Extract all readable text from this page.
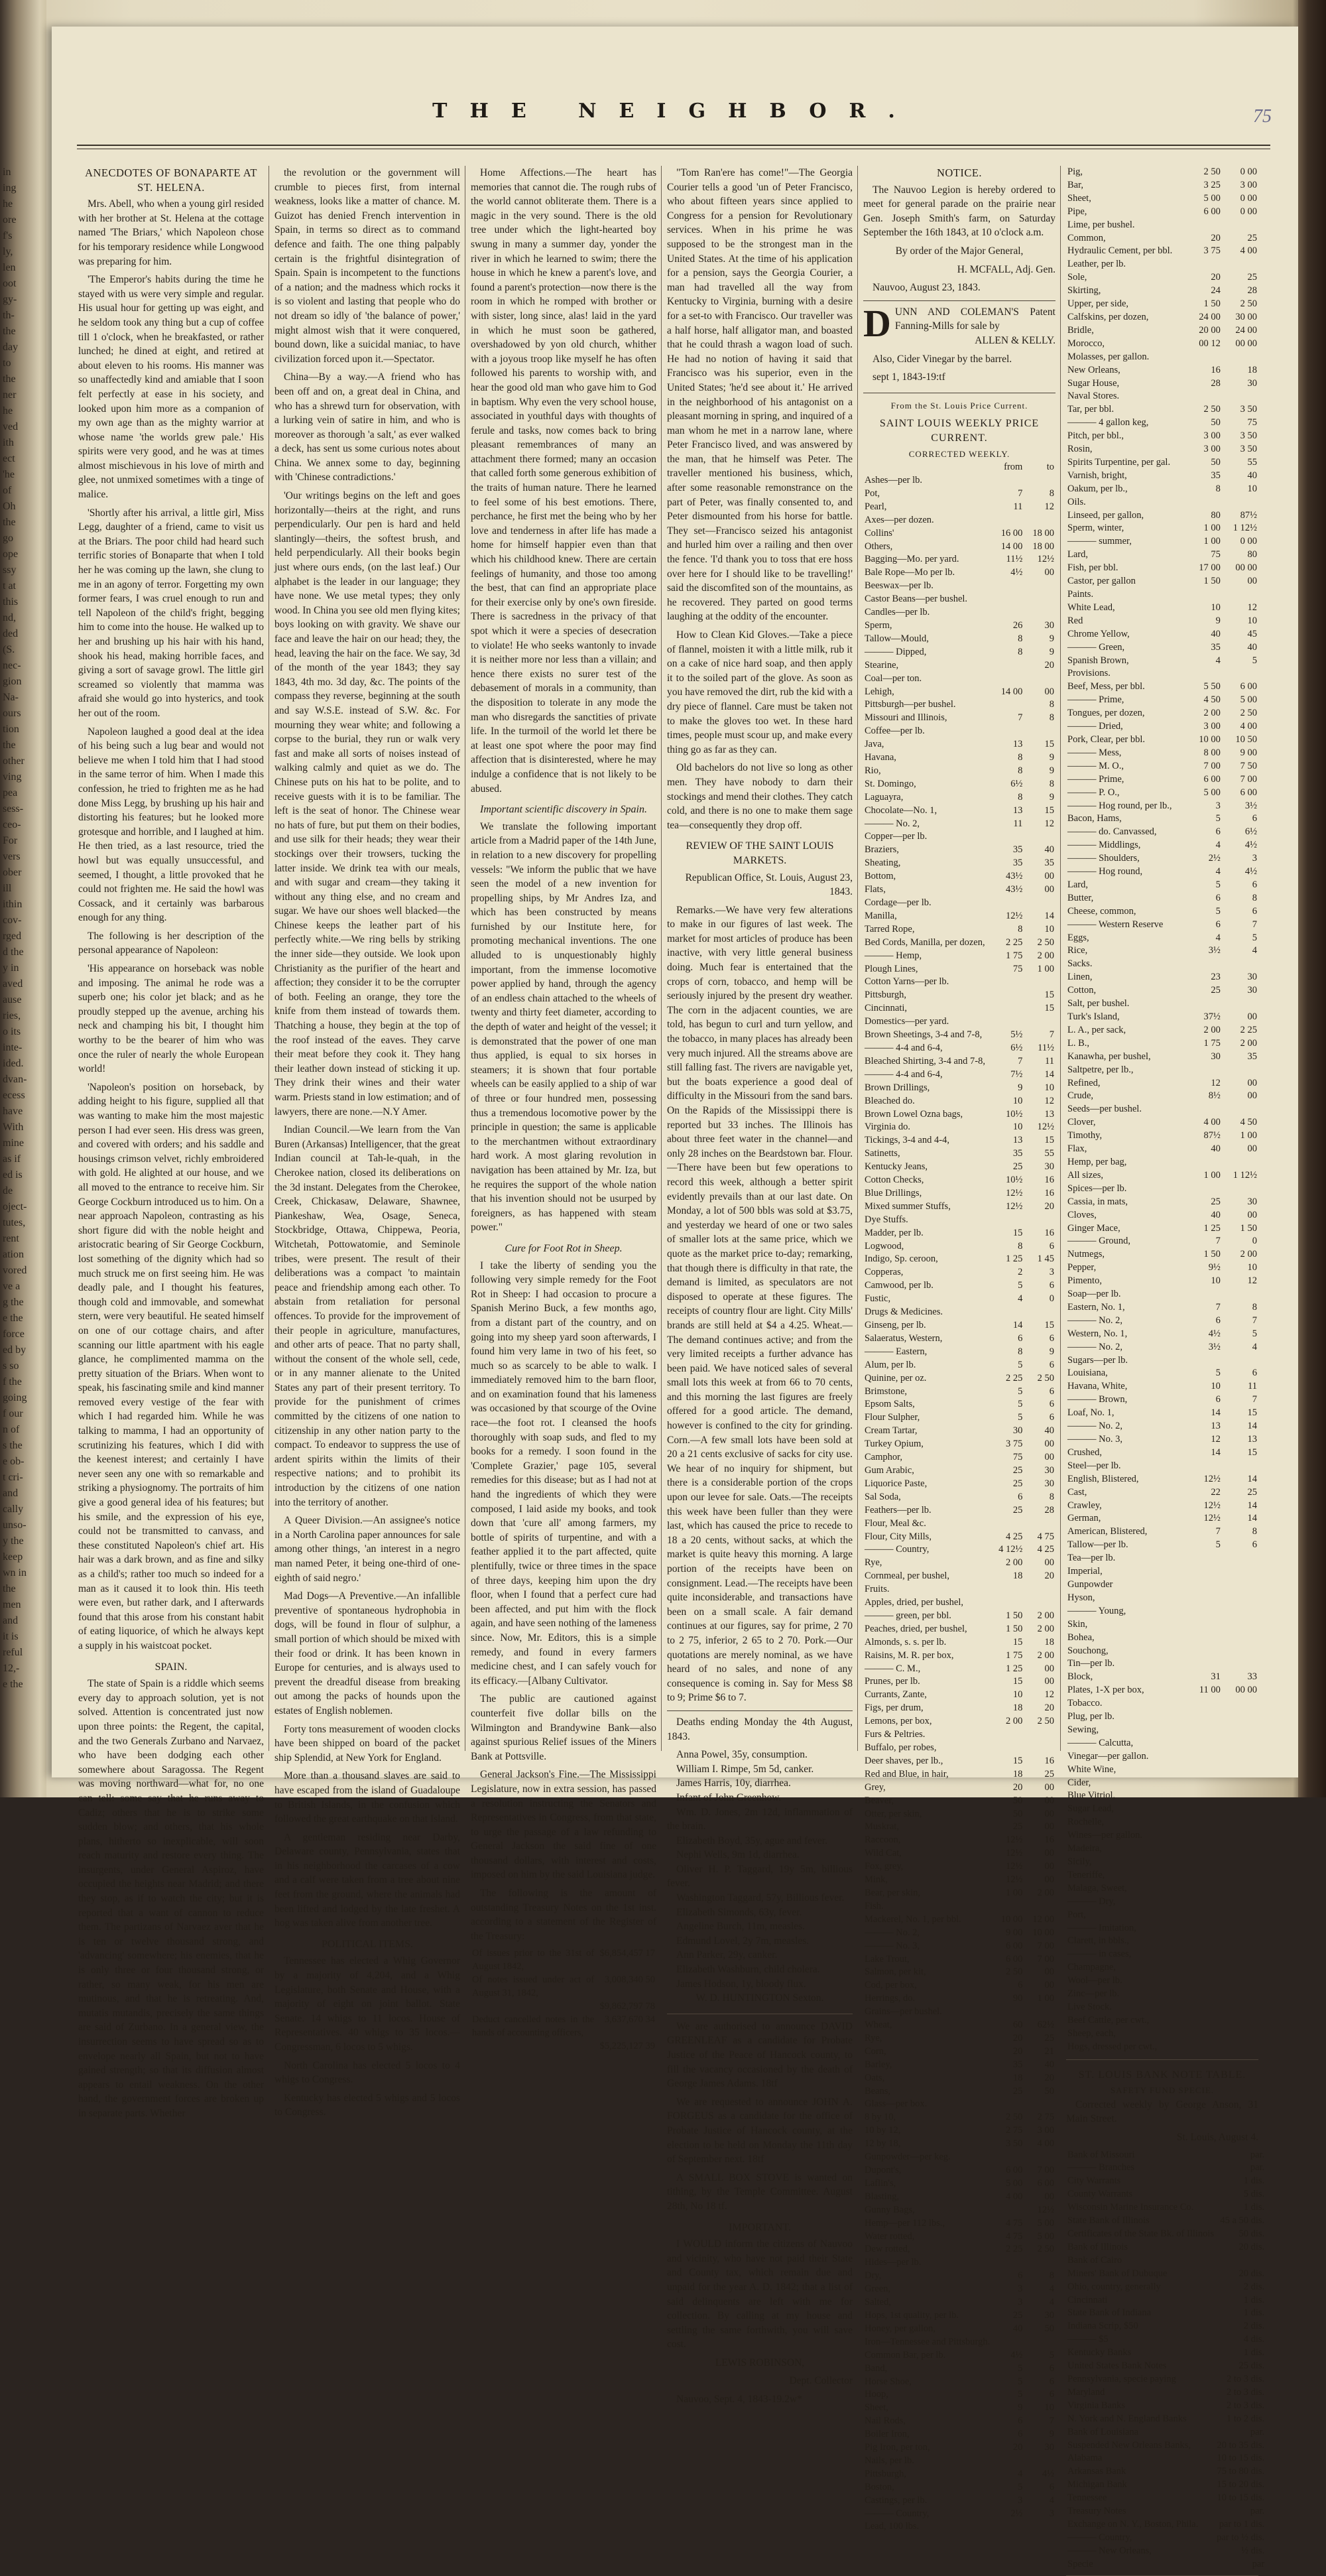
in
ing
he
ore
f's
ly,
len
oot
gy-
th-
the
day
to
the
ner
he
ved
ith
ect
'he
of
Oh
the
go
ope
ssy
t at
this
nd,
ded
(S.
nec-
gion
Na-
ours
tion
the
other
ving
pea
sess-
ceo-
For
vers
ober
ill
ithin
cov-
rged
d the
y in
aved
ause
ries,
o its
inte-
ided.
dvan-
ecess
have
With
mine
as if
ed is
de
oject-
tutes,
rent
ation
vored
ve a
g the
e the
force
ed by
s so
f the
going
f our
n of
s the
e ob-
t cri-
and
cally
unso-
y the
keep
wn in
the
men
and
it is
reful
12,-
e the
THE NEIGHBOR.	75
ANECDOTES OF BONAPARTE AT ST. HELENA.

Mrs. Abell, who when a young girl resided with her brother at St. Helena at the cottage named 'The Briars,' which Napoleon chose for his temporary residence while Longwood was preparing for him.

'The Emperor's habits during the time he stayed with us were very simple and regular. His usual hour for getting up was eight, and he seldom took any thing but a cup of coffee till 1 o'clock, when he breakfasted, or rather lunched; he dined at eight, and retired at about eleven to his rooms. His manner was so unaffectedly kind and amiable that I soon felt perfectly at ease in his society, and looked upon him more as a companion of my own age than as the mighty warrior at whose name 'the worlds grew pale.' His spirits were very good, and he was at times almost mischievous in his love of mirth and glee, not unmixed sometimes with a tinge of malice.

'Shortly after his arrival, a little girl, Miss Legg, daughter of a friend, came to visit us at the Briars. The poor child had heard such terrific stories of Bonaparte that when I told her he was coming up the lawn, she clung to me in an agony of terror. Forgetting my own former fears, I was cruel enough to run and tell Napoleon of the child's fright, begging him to come into the house. He walked up to her and brushing up his hair with his hand, shook his head, making horrible faces, and giving a sort of savage growl. The little girl screamed so violently that mamma was afraid she would go into hysterics, and took her out of the room.

Napoleon laughed a good deal at the idea of his being such a lug bear and would not believe me when I told him that I had stood in the same terror of him. When I made this confession, he tried to frighten me as he had done Miss Legg, by brushing up his hair and distorting his features; but he looked more grotesque and horrible, and I laughed at him. He then tried, as a last resource, tried the howl but was equally unsuccessful, and seemed, I thought, a little provoked that he could not frighten me. He said the howl was Cossack, and it certainly was barbarous enough for any thing.

The following is her description of the personal appearance of Napoleon:

'His appearance on horseback was noble and imposing. The animal he rode was a superb one; his color jet black; and as he proudly stepped up the avenue, arching his neck and champing his bit, I thought him worthy to be the bearer of him who was once the ruler of nearly the whole European world!

'Napoleon's position on horseback, by adding height to his figure, supplied all that was wanting to make him the most majestic person I had ever seen. His dress was green, and covered with orders; and his saddle and housings crimson velvet, richly embroidered with gold. He alighted at our house, and we all moved to the entrance to receive him. Sir George Cockburn introduced us to him. On a near approach Napoleon, contrasting as his short figure did with the noble height and aristocratic bearing of Sir George Cockburn, lost something of the dignity which had so much struck me on first seeing him. He was deadly pale, and I thought his features, though cold and immovable, and somewhat stern, were very beautiful. He seated himself on one of our cottage chairs, and after scanning our little apartment with his eagle glance, he complimented mamma on the pretty situation of the Briars. When wont to speak, his fascinating smile and kind manner removed every vestige of the fear with which I had regarded him. While he was talking to mamma, I had an opportunity of scrutinizing his features, which I did with the keenest interest; and certainly I have never seen any one with so remarkable and striking a physiognomy. The portraits of him give a good general idea of his features; but his smile, and the expression of his eye, could not be transmitted to canvass, and these constituted Napoleon's chief art. His hair was a dark brown, and as fine and silky as a child's; rather too much so indeed for a man as it caused it to look thin. His teeth were even, but rather dark, and I afterwards found that this arose from his constant habit of eating liquorice, of which he always kept a supply in his waistcoat pocket.

SPAIN.

The state of Spain is a riddle which seems every day to approach solution, yet is not solved. Attention is concentrated just now upon three points: the Regent, the capital, and the two Generals Zurbano and Narvaez, who have been dodging each other somewhere about Saragossa. The Regent was moving northward—what for, no one can tell: some say that he runs away to Cadiz; others that he is to strike some sudden blow; and others, that his whole plans, hitherto so inexplicable, will soon reach maturity and restore every thing. The insurgents, under General Aspiroz, have occupied the heights near Madrid; and there they stop, as if to watch the city; but it is reported that a want of cannon to reduce them. The partizans of Narvaez aver that he is ten or twelve thousand strong, and 'advancing' somewhere; his enemies, that he is only three or four thousand strong, or rather, so many weak, for his men are mutinous, and that he is retreating. And, mutatis mutandis, precisely the same things are said of Zurbano. In a general view, the insurrection seems to have spread so as to envelope nearly all Spain, but not to have gained strength; so that its diffusion almost appears to entail weakness. On the other hand, the government forces are broken up in separate parts. Whether

the revolution or the government will crumble to pieces first, from internal weakness, looks like a matter of chance. M. Guizot has denied French intervention in Spain, in terms so direct as to command defence and faith. The one thing palpably certain is the frightful disintegration of Spain. Spain is incompetent to the functions of a nation; and the madness which rocks it is so violent and lasting that people who do not dream so idly of 'the balance of power,' might almost wish that it were conquered, bound down, like a suicidal maniac, to have civilization forced upon it.—Spectator.

China—By a way.—A friend who has been off and on, a great deal in China, and who has a shrewd turn for observation, with a lurking vein of satire in him, and who is moreover as thorough 'a salt,' as ever walked a deck, has sent us some curious notes about China. We annex some to day, beginning with 'Chinese contradictions.'

'Our writings begins on the left and goes horizontally—theirs at the right, and runs perpendicularly. Our pen is hard and held slantingly—theirs, the softest brush, and held perpendicularly. All their books begin just where ours ends, (on the last leaf.) Our alphabet is the leader in our language; they have none. We use metal types; they only wood. In China you see old men flying kites; boys looking on with gravity. We shave our face and leave the hair on our head; they, the head, leaving the hair on the face. We say, 3d of the month of the year 1843; they say 1843, 4th mo. 3d day, &c. The points of the compass they reverse, beginning at the south and say W.S.E. instead of S.W. &c. For mourning they wear white; and following a corpse to the burial, they run or walk very fast and make all sorts of noises instead of walking calmly and quiet as we do. The Chinese puts on his hat to be polite, and to receive guests with it is to be familiar. The left is the seat of honor. The Chinese wear no hats of fure, but put them on their bodies, and use silk for their heads; they wear their stockings over their trowsers, tucking the latter inside. We drink tea with our meals, and with sugar and cream—they taking it without any thing else, and no cream and sugar. We have our shoes well blacked—the Chinese keeps the leather part of his perfectly white.—We ring bells by striking the inner side—they outside. We look upon Christianity as the purifier of the heart and affection; they consider it to be the corrupter of both. Feeling an orange, they tore the knife from them instead of towards them. Thatching a house, they begin at the top of the roof instead of the eaves. They carve their meat before they cook it. They hang their leather down instead of sticking it up. They drink their wines and their water warm. Priests stand in low estimation; and of lawyers, there are none.—N.Y Amer.

Indian Council.—We learn from the Van Buren (Arkansas) Intelligencer, that the great Indian council at Tah-le-quah, in the Cherokee nation, closed its deliberations on the 3d instant. Delegates from the Cherokee, Creek, Chickasaw, Delaware, Shawnee, Piankeshaw, Wea, Osage, Seneca, Stockbridge, Ottawa, Chippewa, Peoria, Witchetah, Pottowatomie, and Seminole tribes, were present. The result of their deliberations was a compact 'to maintain peace and friendship among each other. To abstain from retaliation for personal offences. To provide for the improvement of their people in agriculture, manufactures, and other arts of peace. That no party shall, without the consent of the whole sell, cede, or in any manner alienate to the United States any part of their present territory. To provide for the punishment of crimes committed by the citizens of one nation to citizenship in any other nation party to the compact. To endeavor to suppress the use of ardent spirits within the limits of their respective nations; and to prohibit its introduction by the citizens of one nation into the territory of another.

A Queer Division.—An assignee's notice in a North Carolina paper announces for sale among other things, 'an interest in a negro man named Peter, it being one-third of one-eighth of said negro.'

Mad Dogs—A Preventive.—An infallible preventive of spontaneous hydrophobia in dogs, will be found in flour of sulphur, a small portion of which should be mixed with their food or drink. It has been known in Europe for centuries, and is always used to prevent the dreadful disease from breaking out among the packs of hounds upon the estates of English noblemen.

Forty tons measurement of wooden clocks have been shipped on board of the packet ship Splendid, at New York for England.

More than a thousand slaves are said to have escaped from the island of Guadaloupe to British Islands, in the confusion which followed the great earthquake on that Island.

A gentleman residing near Darby, Delaware county, Pennsylvania, states that in his neighborhood the carcases of a cow and a calf were taken from a tree about nine feet from the ground, where the animals had been lifted and lodged by the late freshet. A hog was taken alive from another tree.

POLITICAL ITEMS.

Tennessee has elected a Whig Governor by a majority of 4,204, and a Whig Legislature, both Senate and House, with a majority of eight on joint ballot. State Senate. 14 whigs to 11 locos. House of Representatives. 40 whigs to 35 locos.—Congressman, 6 locos to 5 whigs.

North Carolina has elected 5 locos to 4 whigs to Congress.

Kentucky has elected 5 whigs and 5 locos to Congress.

Home Affections.—The heart has memories that cannot die. The rough rubs of the world cannot obliterate them. There is a magic in the very sound. There is the old tree under which the light-hearted boy swung in many a summer day, yonder the river in which he learned to swim; there the house in which he knew a parent's love, and found a parent's protection—now there is the room in which he romped with brother or with sister, long since, alas! laid in the yard in which he must soon be gathered, overshadowed by yon old church, whither with a joyous troop like myself he has often followed his parents to worship with, and hear the good old man who gave him to God in baptism. Why even the very school house, associated in youthful days with thoughts of ferule and tasks, now comes back to bring pleasant remembrances of many an attachment there formed; many an occasion that called forth some generous exhibition of the traits of human nature. There he learned to feel some of his best emotions. There, perchance, he first met the being who by her love and tenderness in after life has made a home for himself happier even than that which his childhood knew. There are certain feelings of humanity, and those too among the best, that can find an appropriate place for their exercise only by one's own fireside. There is sacredness in the privacy of that spot which it were a species of desecration to violate! He who seeks wantonly to invade it is neither more nor less than a villain; and hence there exists no surer test of the debasement of morals in a community, than the disposition to tolerate in any mode the man who disregards the sanctities of private life. In the turmoil of the world let there be at least one spot where the poor may find affection that is disinterested, where he may indulge a confidence that is not likely to be abused.

Important scientific discovery in Spain.

We translate the following important article from a Madrid paper of the 14th June, in relation to a new discovery for propelling vessels: "We inform the public that we have seen the model of a new invention for propelling ships, by Mr Andres Iza, and which has been constructed by means furnished by our Institute here, for promoting mechanical inventions. The one alluded to is unquestionably highly important, from the immense locomotive power applied by hand, through the agency of an endless chain attached to the wheels of twenty and thirty feet diameter, according to the depth of water and height of the vessel; it is demonstrated that the power of one man thus applied, is equal to six horses in steamers; it is shown that four portable wheels can be easily applied to a ship of war of three or four hundred men, possessing thus a tremendous locomotive power by the principle in question; the same is applicable to the merchantmen without extraordinary hard work. A most glaring revolution in navigation has been attained by Mr. Iza, but he requires the support of the whole nation that his invention should not be usurped by foreigners, as has happened with steam power."

Cure for Foot Rot in Sheep.

I take the liberty of sending you the following very simple remedy for the Foot Rot in Sheep: I had occasion to procure a Spanish Merino Buck, a few months ago, from a distant part of the country, and on going into my sheep yard soon afterwards, I found him very lame in two of his feet, so much so as scarcely to be able to walk. I immediately removed him to the barn floor, and on examination found that his lameness was occasioned by that scourge of the Ovine race—the foot rot. I cleansed the hoofs thoroughly with soap suds, and fled to my books for a remedy. I soon found in the 'Complete Grazier,' page 105, several remedies for this disease; but as I had not at hand the ingredients of which they were composed, I laid aside my books, and took down that 'cure all' among farmers, my bottle of spirits of turpentine, and with a feather applied it to the part affected, quite plentifully, twice or three times in the space of three days, keeping him upon the dry floor, when I found that a perfect cure had been affected, and put him with the flock again, and have seen nothing of the lameness since. Now, Mr. Editors, this is a simple remedy, and found in every farmers medicine chest, and I can safely vouch for its efficacy.—[Albany Cultivator.

The public are cautioned against counterfeit five dollar bills on the Wilmington and Brandywine Bank—also against spurious Relief issues of the Miners Bank at Pottsville.

General Jackson's Fine.—The Mississippi Legislature, now in extra session, has passed a resolution instructing the Senators and Representatives in Congress, from that state, to urge the passage of a law refunding to General Jackson the said fine of one thousand dollars, with interest and costs, imposed on him by the said Louisiana judge.

The following is the amount of outstanding Treasury Notes on the 1st inst. according to a statement of the Register of the Treasury:

Of issues prior to the 31st of August 1842,	$6,854,457 17
Of notes issued under act of August 31, 1842,	3,008,340 50
	$9,862,797 78
Deduct cancelled notes in the hands of accounting officers,	3,637,670 34
	$5,225,127 39

"Tom Ran'ere has come!"—The Georgia Courier tells a good 'un of Peter Francisco, who about fifteen years since applied to Congress for a pension for Revolutionary services. When in his prime he was supposed to be the strongest man in the United States. At the time of his application for a pension, says the Georgia Courier, a man had travelled all the way from Kentucky to Virginia, burning with a desire for a set-to with Francisco. Our traveller was a half horse, half alligator man, and boasted that he could thrash a wagon load of such. He had no notion of having it said that Francisco was his superior, even in the United States; 'he'd see about it.' He arrived in the neighborhood of his antagonist on a pleasant morning in spring, and inquired of a man whom he met in a narrow lane, where Peter Francisco lived, and was answered by the man, that he himself was Peter. The traveller mentioned his business, which, after some reasonable remonstrance on the part of Peter, was finally consented to, and Peter dismounted from his horse for battle. They set—Francisco seized his antagonist and hurled him over a railing and then over the fence. 'I'd thank you to toss that ere hoss over here for I should like to be travelling!' said the discomfited son of the mountains, as he recovered. They parted on good terms laughing at the oddity of the encounter.

How to Clean Kid Gloves.—Take a piece of flannel, moisten it with a little milk, rub it on a cake of nice hard soap, and then apply it to the soiled part of the glove. As soon as you have removed the dirt, rub the kid with a dry piece of flannel. Care must be taken not to make the gloves too wet. In these hard times, people must scour up, and make every thing go as far as they can.

Old bachelors do not live so long as other men. They have nobody to darn their stockings and mend their clothes. They catch cold, and there is no one to make them sage tea—consequently they drop off.

REVIEW OF THE SAINT LOUIS MARKETS.

Republican Office, St. Louis, August 23, 1843.

Remarks.—We have very few alterations to make in our figures of last week. The market for most articles of produce has been inactive, with very little general business doing. Much fear is entertained that the crops of corn, tobacco, and hemp will be seriously injured by the present dry weather. The corn in the adjacent counties, we are told, has begun to curl and turn yellow, and the tobacco, in many places has already been very much injured. All the streams above are still falling fast. The rivers are navigable yet, but the boats experience a good deal of difficulty in the Missouri from the sand bars. On the Rapids of the Mississippi there is reported but 33 inches. The Illinois has about three feet water in the channel—and only 28 inches on the Beardstown bar. Flour.—There have been but few operations to record this week, although a better spirit evidently prevails than at our last date. On Monday, a lot of 500 bbls was sold at $3.75, and yesterday we heard of one or two sales of smaller lots at the same price, which we quote as the market price to-day; remarking, that though there is difficulty in that rate, the demand is limited, as speculators are not disposed to operate at these figures. The receipts of country flour are light. City Mills' brands are still held at $4 a 4.25. Wheat.—The demand continues active; and from the very limited receipts a further advance has been paid. We have noticed sales of several small lots this week at from 66 to 70 cents, and this morning the last figures are freely offered for a good article. The demand, however is confined to the city for grinding. Corn.—A few small lots have been sold at 20 a 21 cents exclusive of sacks for city use. We hear of no inquiry for shipment, but there is a considerable portion of the crops upon our levee for sale. Oats.—The receipts this week have been fuller than they were last, which has caused the price to recede to 18 a 20 cents, without sacks, at which the market is quite heavy this morning. A large portion of the receipts have been on consignment. Lead.—The receipts have been quite inconsiderable, and transactions have been on a small scale. A fair demand continues at our figures, say for prime, 2 70 to 2 75, inferior, 2 65 to 2 70. Pork.—Our quotations are merely nominal, as we have heard of no sales, and none of any consequence is coming in. Say for Mess $8 to 9; Prime $6 to 7.

Deaths ending Monday the 4th August, 1843.

Anna Powel, 35y, consumption.

William I. Rimpe, 5m 5d, canker.

James Harris, 10y, diarrhea.

Infant of John Greenhow.

Wm. D. Jones, 2m 12d, inflammation of the brain.

Elizabeth Boyd, 35y, ague and fever.

Nephi Wells, 9m 1d, diarrhea.

Oliver H. P. Taggard, 19y 5m, billious fever.

Washington Taggard, 57y, Billious fever.

Elizabeth Simonds, 63y, fever.

Angeline Burch, 11m, measles.

Edmund Lovel, 2y 7m, measles.

Ann Parker, 29y, canker.

Elizabeth Washburn, child cholera.

James Hodson, 1y, bloody flux.

W. D. HUNTINGTON Sexton.

We are authorised to announce DAVID GREENLEAF as a candidate for Probate Justice of the Peace of Hancock county, to fill the vacancy occasioned by the death of George James Adams. 18tf

We are requested to announce JOHN A. FORGEUS as a candidate for the office of Probate Justice of Hancock county, at the election to be held on Monday the 11th day of September next. 18tf

A SMALL BOX STOVE is wanted on tithing, by the Temple Committee. August 28th, No 18 tf.

IMPORTANT.

I WOULD inform the citizens of Nauvoo and vicinity, who have not paid their State and County tax, which remain due and unpaid for the year A. D. 1842; that a list of said delinquents are left with me for collection. By calling at my house and settling the same forthwith, you will save cost.

LEWIS ROBINSON,

Dept. Collector

Nauvoo, Sept. 4, 1843-19.2w*

NOTICE.

The Nauvoo Legion is hereby ordered to meet for general parade on the prairie near Gen. Joseph Smith's farm, on Saturday September the 16th 1843, at 10 o'clock a.m.

By order of the Major General,

H. MCFALL, Adj. Gen.

Nauvoo, August 23, 1843.

D UNN AND COLEMAN'S Patent Fanning-Mills for sale by

ALLEN & KELLY.

Also, Cider Vinegar by the barrel.

sept 1, 1843-19:tf

From the St. Louis Price Current.
SAINT LOUIS WEEKLY PRICE CURRENT.
CORRECTED WEEKLY.
	from	to
Ashes—per lb.		
Pot,	7	8
Pearl,	11	12
Axes—per dozen.		
Collins'	16 00	18 00
Others,	14 00	18 00
Bagging—Mo. per yard.	11½	12½
Bale Rope—Mo per lb.	4½	00
Beeswax—per lb.		
Castor Beans—per bushel.		
Candles—per lb.		
Sperm,	26	30
Tallow—Mould,	8	9
——— Dipped,	8	9
Stearine,		20
Coal—per ton.		
Lehigh,	14 00	00
Pittsburgh—per bushel.		8
Missouri and Illinois,	7	8
Coffee—per lb.		
Java,	13	15
Havana,	8	9
Rio,	8	9
St. Domingo,	6½	8
Laguayra,	8	9
Chocolate—No. 1,	13	15
——— No. 2,	11	12
Copper—per lb.		
Braziers,	35	40
Sheating,	35	35
Bottom,	43½	00
Flats,	43½	00
Cordage—per lb.		
Manilla,	12½	14
Tarred Rope,	8	10
Bed Cords, Manilla, per dozen,	2 25	2 50
——— Hemp,	1 75	2 00
Plough Lines,	75	1 00
Cotton Yarns—per lb.		
Pittsburgh,		15
Cincinnati,		15
Domestics—per yard.		
Brown Sheetings, 3-4 and 7-8,	5½	7
——— 4-4 and 6-4,	6½	11½
Bleached Shirting, 3-4 and 7-8,	7	11
——— 4-4 and 6-4,	7½	14
Brown Drillings,	9	10
Bleached do.	10	12
Brown Lowel Ozna bags,	10½	13
Virginia do.	10	12½
Tickings, 3-4 and 4-4,	13	15
Satinetts,	35	55
Kentucky Jeans,	25	30
Cotton Checks,	10½	16
Blue Drillings,	12½	16
Mixed summer Stuffs,	12½	20
Dye Stuffs.		
Madder, per lb.	15	16
Logwood,	8	6
Indigo, Sp. ceroon,	1 25	1 45
Copperas,	2	3
Camwood, per lb.	5	6
Fustic,	4	0
Drugs & Medicines.		
Ginseng, per lb.	14	15
Salaeratus, Western,	6	6
——— Eastern,	8	9
Alum, per lb.	5	6
Quinine, per oz.	2 25	2 50
Brimstone,	5	6
Epsom Salts,	5	6
Flour Sulpher,	5	6
Cream Tartar,	30	40
Turkey Opium,	3 75	00
Camphor,	75	00
Gum Arabic,	25	30
Liquorice Paste,	25	30
Sal Soda,	6	8
Feathers—per lb.	25	28
Flour, Meal &c.		
Flour, City Mills,	4 25	4 75
——— Country,	4 12½	4 25
Rye,	2 00	00
Cornmeal, per bushel,	18	20
Fruits.		
Apples, dried, per bushel,		
——— green, per bbl.	1 50	2 00
Peaches, dried, per bushel,	1 50	2 00
Almonds, s. s. per lb.	15	18
Raisins, M. R. per box,	1 75	2 00
——— C. M.,	1 25	00
Prunes, per lb.	15	00
Currants, Zante,	10	12
Figs, per drum,	18	20
Lemons, per box,	2 00	2 50
Furs & Peltries.		
Buffalo, per robes,		
Deer shaves, per lb.,	15	16
Red and Blue, in hair,	18	25
Grey,	20	00
Beaver,	50	00
Otter, per skin,	50	00
Muskrat,	25	00
Raccoon,	12½	16
Wild Cat,	12½	00
Fox, grey,	12½	00
Mink,	12½	00
Bear, per skin,	1 00	2 00
Fish.		
Mackerel, No. 1, per bbl.	10 00	12 00
——— No. 2,	9 00	10 00
——— No. 3,	6 00	7 00
Lake Trout,	6 00	7 00
Salmon, per kit,	2 50	00
Cod, per box,	6	00
Herrings, do.	90	1 00
Grains—per bushel.		
Wheat,	60	62½
Rye,	20	25
Corn,	20	21
Barley,	35	40
Oats,	18	20
Beans,	25	50
Glass—per box.		
8 by 10,	2 50	2 75
10 by 12,	2 75	3 00
12 by 18,	3 50	4 00
Gunpowder—per keg.		
Dupont's,	6 00	7 00
Laflin's,	5 00	6 00
Blasting,	4 00	00
Gunny Bags,		12½
Hemp—per 112 lbs.,	4 75	5 00
Water rotted,	4 75	5 00
Dew rotted,	2 25	2 50
Hides—per lb.		
Dry,	6	8
Green,	3	4
Salted,	3	4
Hops, 1st quality, per lb.	25	30
Honey, per gallon,	40	50
Iron—Tennessee and Pittsburgh.		
Common Bar, per lb.	4½	5
Band,	5	6
Horse Shoe,	5	6
Hoop,	5	6
Sheet,	9	10
Nail Rods,	6	7
Boiler Iron,	6	9
Pig Iron, per ton,	20	30
Nails, per lb.		
Pittsburgh,	4	4½
Boston,	5	6
Castings, per lb.	3	4
——— Country,	2½	3
Lead, 100 lbs.		
Pig,	2 50	0 00
Bar,	3 25	3 00
Sheet,	5 00	0 00
Pipe,	6 00	0 00
Lime, per bushel.		
Common,	20	25
Hydraulic Cement, per bbl.	3 75	4 00
Leather, per lb.		
Sole,	20	25
Skirting,	24	28
Upper, per side,	1 50	2 50
Calfskins, per dozen,	24 00	30 00
Bridle,	20 00	24 00
Morocco,	00 12	00 00
Molasses, per gallon.		
New Orleans,	16	18
Sugar House,	28	30
Naval Stores.		
Tar, per bbl.	2 50	3 50
——— 4 gallon keg,	50	75
Pitch, per bbl.,	3 00	3 50
Rosin,	3 00	3 50
Spirits Turpentine, per gal.	50	55
Varnish, bright,	35	40
Oakum, per lb.,	8	10
Oils.		
Linseed, per gallon,	80	87½
Sperm, winter,	1 00	1 12½
——— summer,	1 00	0 00
Lard,	75	80
Fish, per bbl.	17 00	00 00
Castor, per gallon	1 50	00
Paints.		
White Lead,	10	12
Red	9	10
Chrome Yellow,	40	45
——— Green,	35	40
Spanish Brown,	4	5
Provisions.		
Beef, Mess, per bbl.	5 50	6 00
——— Prime,	4 50	5 00
Tongues, per dozen,	2 00	2 50
——— Dried,	3 00	4 00
Pork, Clear, per bbl.	10 00	10 50
——— Mess,	8 00	9 00
——— M. O.,	7 00	7 50
——— Prime,	6 00	7 00
——— P. O.,	5 00	6 00
——— Hog round, per lb.,	3	3½
Bacon, Hams,	5	6
——— do. Canvassed,	6	6½
——— Middlings,	4	4½
——— Shoulders,	2½	3
——— Hog round,	4	4½
Lard,	5	6
Butter,	6	8
Cheese, common,	5	6
——— Western Reserve	6	7
Eggs,	4	5
Rice,	3½	4
Sacks.		
Linen,	23	30
Cotton,	25	30
Salt, per bushel.		
Turk's Island,	37½	00
L. A., per sack,	2 00	2 25
L. B.,	1 75	2 00
Kanawha, per bushel,	30	35
Saltpetre, per lb.,		
Refined,	12	00
Crude,	8½	00
Seeds—per bushel.		
Clover,	4 00	4 50
Timothy,	87½	1 00
Flax,	40	00
Hemp, per bag,		
All sizes,	1 00	1 12½
Spices—per lb.		
Cassia, in mats,	25	30
Cloves,	40	00
Ginger Mace,	1 25	1 50
——— Ground,	7	0
Nutmegs,	1 50	2 00
Pepper,	9½	10
Pimento,	10	12
Soap—per lb.		
Eastern, No. 1,	7	8
——— No. 2,	6	7
Western, No. 1,	4½	5
——— No. 2,	3½	4
Sugars—per lb.		
Louisiana,	5	6
Havana, White,	10	11
——— Brown,	6	7
Loaf, No. 1,	14	15
——— No. 2,	13	14
——— No. 3,	12	13
Crushed,	14	15
Steel—per lb.		
English, Blistered,	12½	14
Cast,	22	25
Crawley,	12½	14
German,	12½	14
American, Blistered,	7	8
Tallow—per lb.	5	6
Tea—per lb.		
Imperial,		
Gunpowder		
Hyson,		
——— Young,		
Skin,		
Bohea,		
Souchong,		
Tin—per lb.		
Block,	31	33
Plates, 1-X per box,	11 00	00 00
Tobacco.		
Plug, per lb.		
Sewing,		
——— Calcutta,		
Vinegar—per gallon.		
White Wine,		
Cider,		
Blue Vitriol,		
Sugar Lead,		
Rochelle,		
Wines—per gallon.		
Madeira,		
Sicily,		
Teneriffe,		
Malaga, Sweet,		
——— Dry,		
Port,		
——— Imitation,		
Clarett, in bbls.,		
——— in cases,		
Champagne,		
Wool—per lb.		
Zinc—per lb.		
Live Stock.		
Beef Cattle, per cwt.,		
Sheep, each,		
Hogs, dressed per cwt.,		
ST. LOUIS BANK NOTE TABLE.
SAFETY FUND SPECIE.

Corrected weekly by George Anson, 31 Main Street.

St. Louis, August 4.

Bank of Missouri	par.
——— Branches	par.
City Warrants	1 dis.
County Warrants	5 dis.
Wisconsin Marine Insurance Co.	1 dis.
State Bank of Illinois	45 a 50 dis.
Certificates of the State Bk. of Illinois	50 dis.
Bank of Illinois	20 dis.
Bank of Cairo	
Miners' Bank of Dubuque	20 dis.
Ohio, country, generally	2 dis.
Cincinnati	1 dis.
State Bank of Indiana	1 dis.
Indiana Scrip, $50	2 dis.
——— $5	4 dis.
Kentucky Banks	1 dis.
United States Bank Notes	25 dis.
Pennsylvania, specie paying	2 to 3 dis.
Maryland	2 to 3 dis.
Virginia Banks	2 to 3 dis.
N. York and N. England Banks	1 to 2 dis.
Bank of Louisiana	par.
Suspended New Orleans Banks,	20 to 35 dis.
Alabama	10 to 15 dis.
Arkansas Bank	75 to 80 dis.
Michigan Bank	15 to 20 dis.
Tennessee	10 to 15 dis.
Treasury Notes	par.
Exchange on N. Y., Boston, Phila.	par to 1 dis.
——— Country,	par to ½ dis.
——— New Orleans,	½ dis.
Specie	par
